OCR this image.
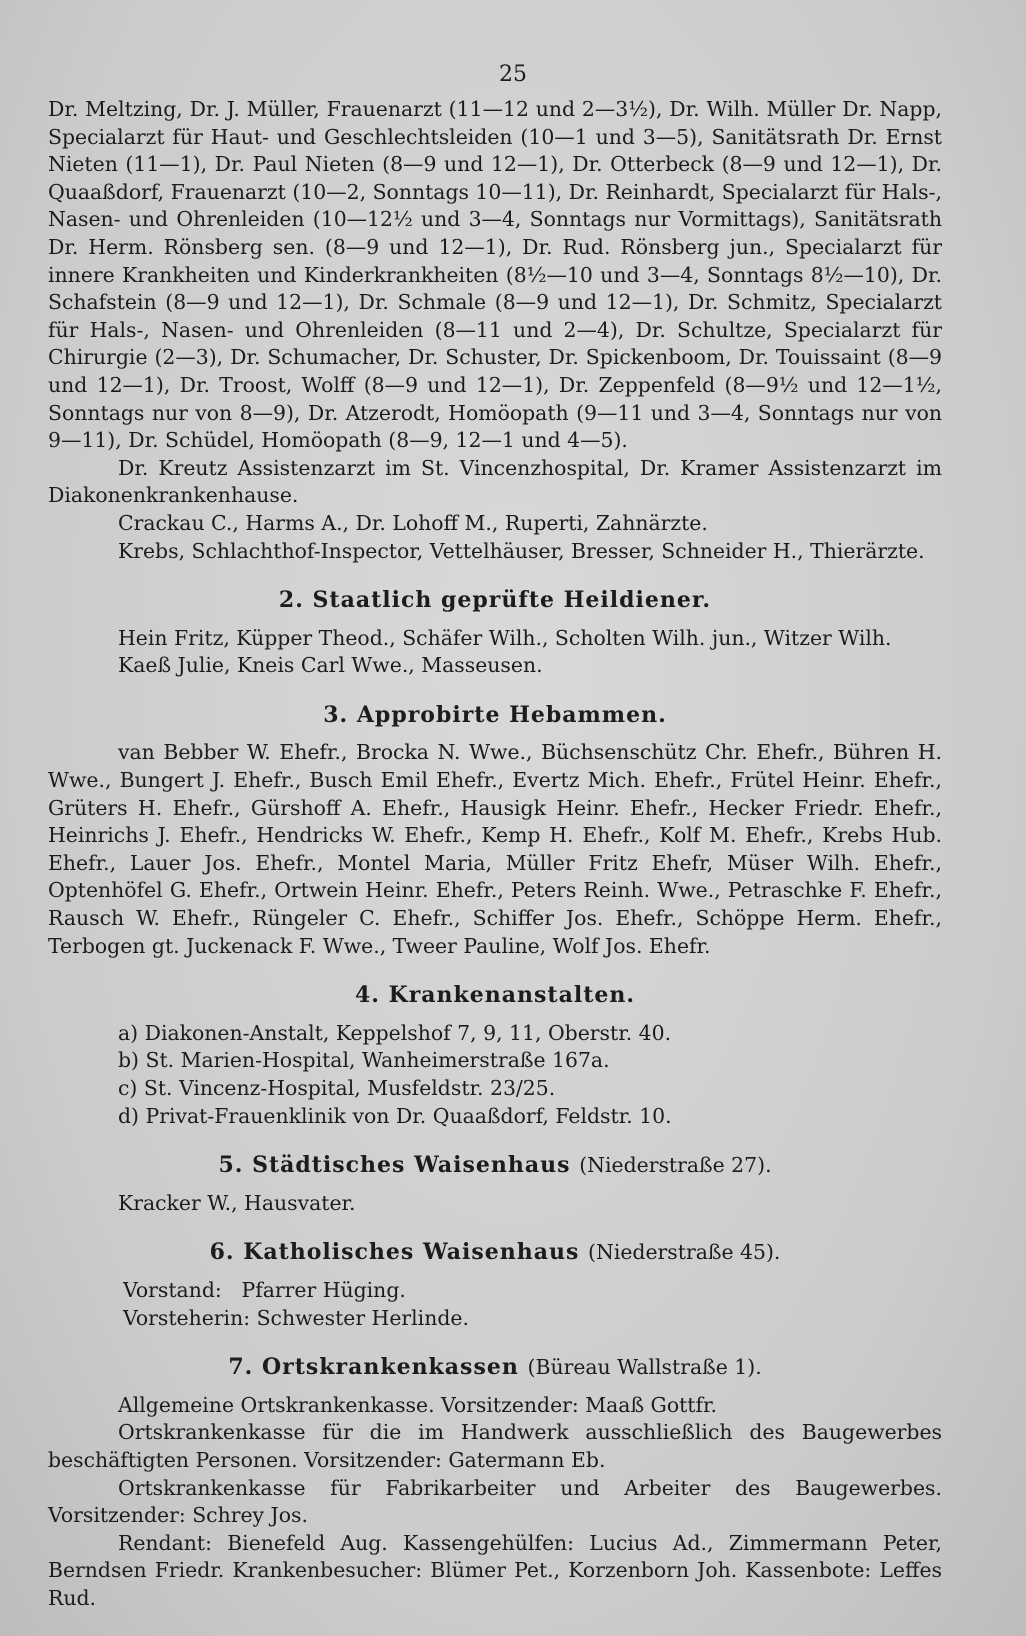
25

Dr. Meltzing, Dr. J. Müller, Frauenarzt (11—12 und 2—3½), Dr. Wilh. Müller Dr. Napp, Specialarzt für Haut- und Geschlechtsleiden (10—1 und 3—5), Sanitätsrath Dr. Ernst Nieten (11—1), Dr. Paul Nieten (8—9 und 12—1), Dr. Otterbeck (8—9 und 12—1), Dr. Quaaßdorf, Frauenarzt (10—2, Sonntags 10—11), Dr. Reinhardt, Specialarzt für Hals-, Nasen- und Ohrenleiden (10—12½ und 3—4, Sonntags nur Vormittags), Sanitätsrath Dr. Herm. Rönsberg sen. (8—9 und 12—1), Dr. Rud. Rönsberg jun., Specialarzt für innere Krankheiten und Kinderkrankheiten (8½—10 und 3—4, Sonntags 8½—10), Dr. Schafstein (8—9 und 12—1), Dr. Schmale (8—9 und 12—1), Dr. Schmitz, Specialarzt für Hals-, Nasen- und Ohrenleiden (8—11 und 2—4), Dr. Schultze, Specialarzt für Chirurgie (2—3), Dr. Schumacher, Dr. Schuster, Dr. Spickenboom, Dr. Touissaint (8—9 und 12—1), Dr. Troost, Wolff (8—9 und 12—1), Dr. Zeppenfeld (8—9½ und 12—1½, Sonntags nur von 8—9), Dr. Atzerodt, Homöopath (9—11 und 3—4, Sonntags nur von 9—11), Dr. Schüdel, Homöopath (8—9, 12—1 und 4—5).

Dr. Kreutz Assistenzarzt im St. Vincenzhospital, Dr. Kramer Assistenzarzt im Diakonenkrankenhause.

Crackau C., Harms A., Dr. Lohoff M., Ruperti, Zahnärzte.

Krebs, Schlachthof-Inspector, Vettelhäuser, Bresser, Schneider H., Thierärzte.

2. Staatlich geprüfte Heildiener.

Hein Fritz, Küpper Theod., Schäfer Wilh., Scholten Wilh. jun., Witzer Wilh.

Kaeß Julie, Kneis Carl Wwe., Masseusen.

3. Approbirte Hebammen.

van Bebber W. Ehefr., Brocka N. Wwe., Büchsenschütz Chr. Ehefr., Bühren H. Wwe., Bungert J. Ehefr., Busch Emil Ehefr., Evertz Mich. Ehefr., Frütel Heinr. Ehefr., Grüters H. Ehefr., Gürshoff A. Ehefr., Hausigk Heinr. Ehefr., Hecker Friedr. Ehefr., Heinrichs J. Ehefr., Hendricks W. Ehefr., Kemp H. Ehefr., Kolf M. Ehefr., Krebs Hub. Ehefr., Lauer Jos. Ehefr., Montel Maria, Müller Fritz Ehefr, Müser Wilh. Ehefr., Optenhöfel G. Ehefr., Ortwein Heinr. Ehefr., Peters Reinh. Wwe., Petraschke F. Ehefr., Rausch W. Ehefr., Rüngeler C. Ehefr., Schiffer Jos. Ehefr., Schöppe Herm. Ehefr., Terbogen gt. Juckenack F. Wwe., Tweer Pauline, Wolf Jos. Ehefr.

4. Krankenanstalten.
a) Diakonen-Anstalt, Keppelshof 7, 9, 11, Oberstr. 40.
b) St. Marien-Hospital, Wanheimerstraße 167a.
c) St. Vincenz-Hospital, Musfeldstr. 23/25.
d) Privat-Frauenklinik von Dr. Quaaßdorf, Feldstr. 10.
5. Städtisches Waisenhaus (Niederstraße 27).

Kracker W., Hausvater.

6. Katholisches Waisenhaus (Niederstraße 45).
Vorstand: Pfarrer Hüging.
Vorsteherin: Schwester Herlinde.
7. Ortskrankenkassen (Büreau Wallstraße 1).

Allgemeine Ortskrankenkasse. Vorsitzender: Maaß Gottfr.

Ortskrankenkasse für die im Handwerk ausschließlich des Baugewerbes beschäftigten Personen. Vorsitzender: Gatermann Eb.

Ortskrankenkasse für Fabrikarbeiter und Arbeiter des Baugewerbes. Vorsitzender: Schrey Jos.

Rendant: Bienefeld Aug. Kassengehülfen: Lucius Ad., Zimmermann Peter, Berndsen Friedr. Krankenbesucher: Blümer Pet., Korzenborn Joh. Kassenbote: Leffes Rud.
